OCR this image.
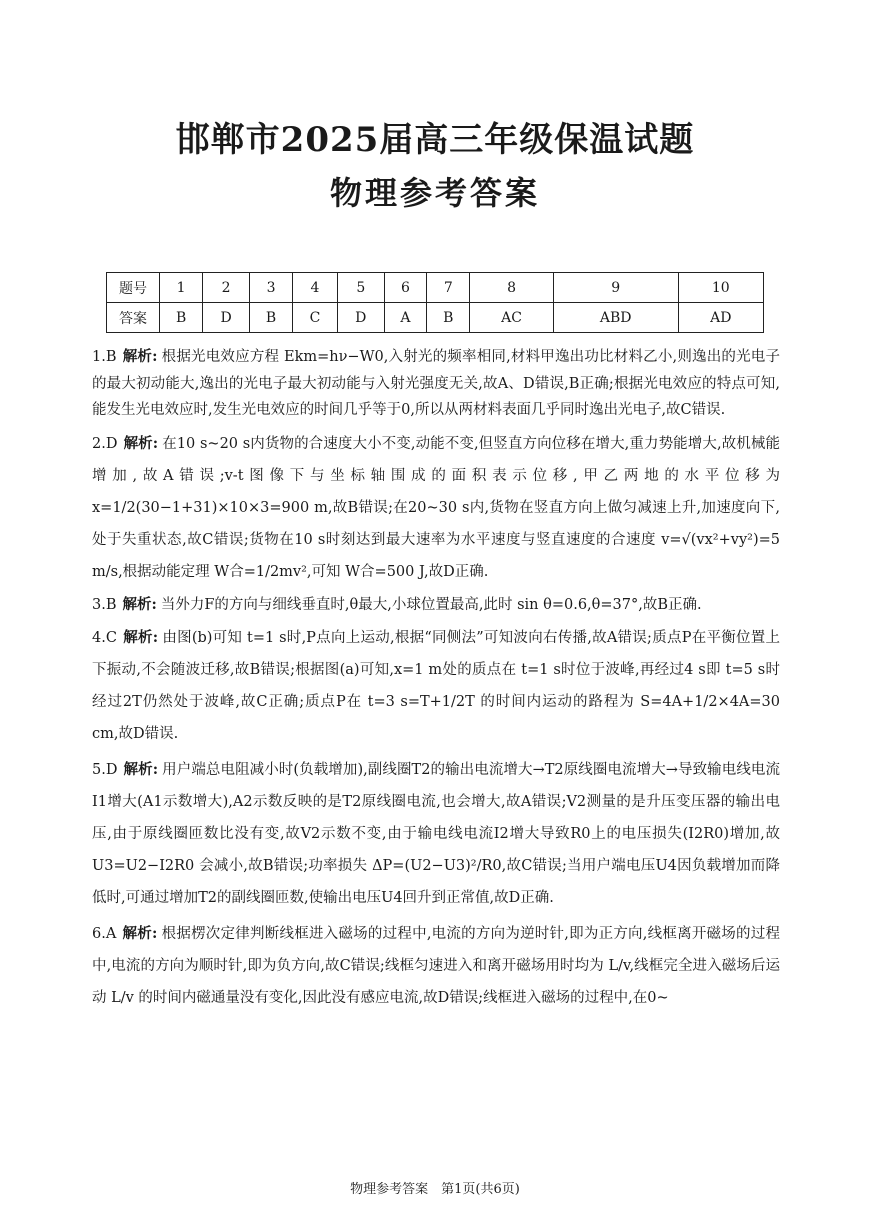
邯郸市2025届高三年级保温试题
物理参考答案
题号	1	2	3	4	5	6	7	8	9	10
答案	B	D	B	C	D	A	B	AC	ABD	AD

1.B 解析: 根据光电效应方程 Ekm=hν−W0,入射光的频率相同,材料甲逸出功比材料乙小,则逸出的光电子的最大初动能大,逸出的光电子最大初动能与入射光强度无关,故A、D错误,B正确;根据光电效应的特点可知,能发生光电效应时,发生光电效应的时间几乎等于0,所以从两材料表面几乎同时逸出光电子,故C错误.

2.D 解析: 在10 s~20 s内货物的合速度大小不变,动能不变,但竖直方向位移在增大,重力势能增大,故机械能增加,故A错误;v-t图像下与坐标轴围成的面积表示位移,甲乙两地的水平位移为 x=1/2(30−1+31)×10×3=900 m,故B错误;在20~30 s内,货物在竖直方向上做匀减速上升,加速度向下,处于失重状态,故C错误;货物在10 s时刻达到最大速率为水平速度与竖直速度的合速度 v=√(vx²+vy²)=5 m/s,根据动能定理 W合=1/2mv²,可知 W合=500 J,故D正确.

3.B 解析: 当外力F的方向与细线垂直时,θ最大,小球位置最高,此时 sin θ=0.6,θ=37°,故B正确.

4.C 解析: 由图(b)可知 t=1 s时,P点向上运动,根据“同侧法”可知波向右传播,故A错误;质点P在平衡位置上下振动,不会随波迁移,故B错误;根据图(a)可知,x=1 m处的质点在 t=1 s时位于波峰,再经过4 s即 t=5 s时经过2T仍然处于波峰,故C正确;质点P在 t=3 s=T+1/2T 的时间内运动的路程为 S=4A+1/2×4A=30 cm,故D错误.

5.D 解析: 用户端总电阻减小时(负载增加),副线圈T2的输出电流增大→T2原线圈电流增大→导致输电线电流I1增大(A1示数增大),A2示数反映的是T2原线圈电流,也会增大,故A错误;V2测量的是升压变压器的输出电压,由于原线圈匝数比没有变,故V2示数不变,由于输电线电流I2增大导致R0上的电压损失(I2R0)增加,故 U3=U2−I2R0 会减小,故B错误;功率损失 ΔP=(U2−U3)²/R0,故C错误;当用户端电压U4因负载增加而降低时,可通过增加T2的副线圈匝数,使输出电压U4回升到正常值,故D正确.

6.A 解析: 根据楞次定律判断线框进入磁场的过程中,电流的方向为逆时针,即为正方向,线框离开磁场的过程中,电流的方向为顺时针,即为负方向,故C错误;线框匀速进入和离开磁场用时均为 L/v,线框完全进入磁场后运动 L/v 的时间内磁通量没有变化,因此没有感应电流,故D错误;线框进入磁场的过程中,在0~

物理参考答案　第1页(共6页)
